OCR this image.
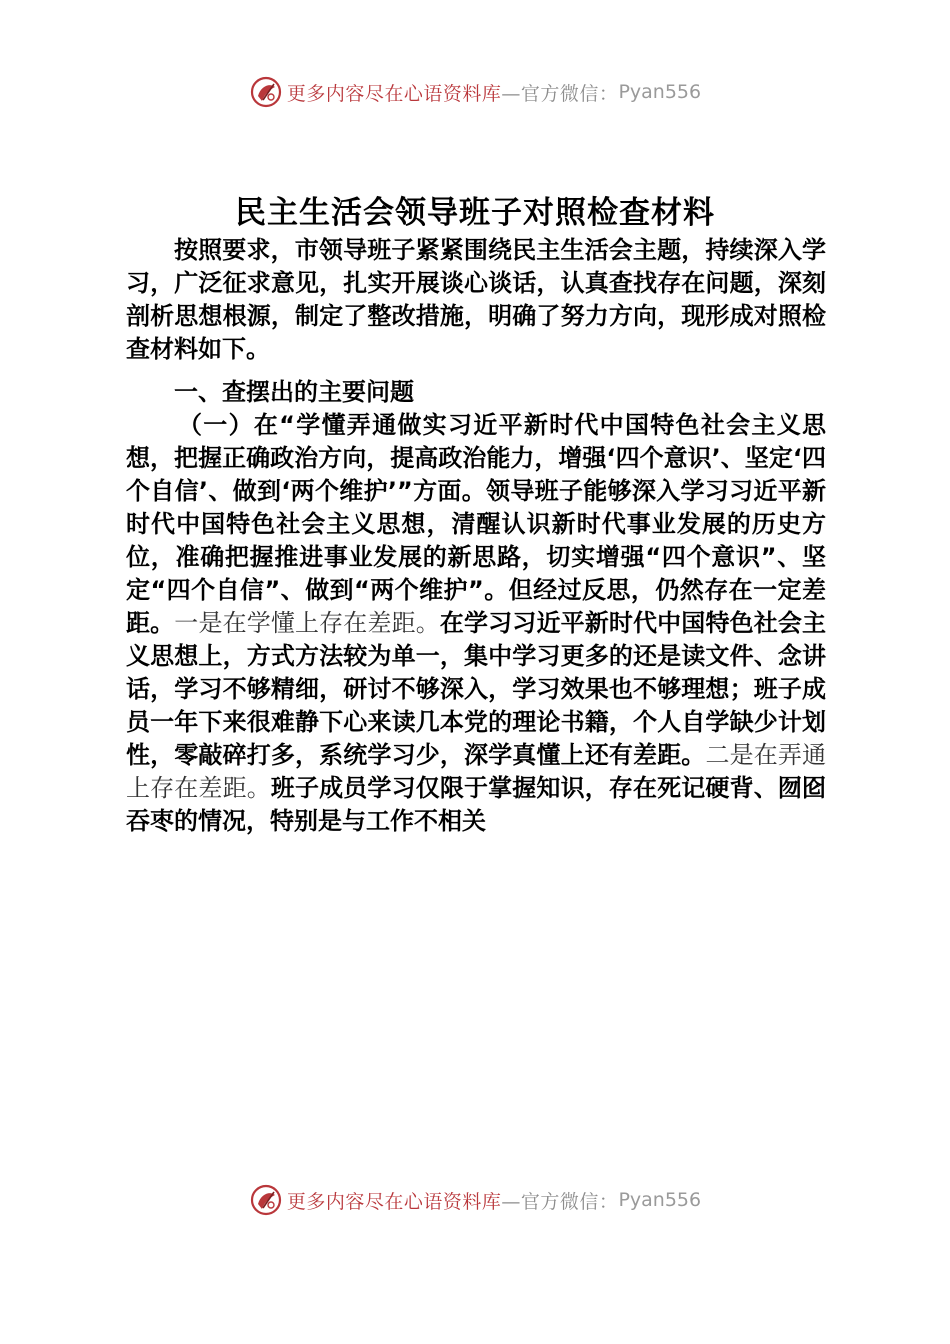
更多内容尽在心语资料库 —官方微信： Pyan556
民主生活会领导班子对照检查材料

按照要求，市领导班子紧紧围绕民主生活会主题，持续深入学习，广泛征求意见，扎实开展谈心谈话，认真查找存在问题，深刻剖析思想根源，制定了整改措施，明确了努力方向，现形成对照检查材料如下。

一、查摆出的主要问题

（一）在“学懂弄通做实习近平新时代中国特色社会主义思想，把握正确政治方向，提高政治能力，增强‘四个意识’、坚定‘四个自信’、做到‘两个维护’”方面。领导班子能够深入学习习近平新时代中国特色社会主义思想，清醒认识新时代事业发展的历史方位，准确把握推进事业发展的新思路，切实增强“四个意识”、坚定“四个自信”、做到“两个维护”。但经过反思，仍然存在一定差距。一是在学懂上存在差距。在学习习近平新时代中国特色社会主义思想上，方式方法较为单一，集中学习更多的还是读文件、念讲话，学习不够精细，研讨不够深入，学习效果也不够理想；班子成员一年下来很难静下心来读几本党的理论书籍，个人自学缺少计划性，零敲碎打多，系统学习少，深学真懂上还有差距。二是在弄通上存在差距。班子成员学习仅限于掌握知识，存在死记硬背、囫囵吞枣的情况，特别是与工作不相关

更多内容尽在心语资料库 —官方微信： Pyan556
